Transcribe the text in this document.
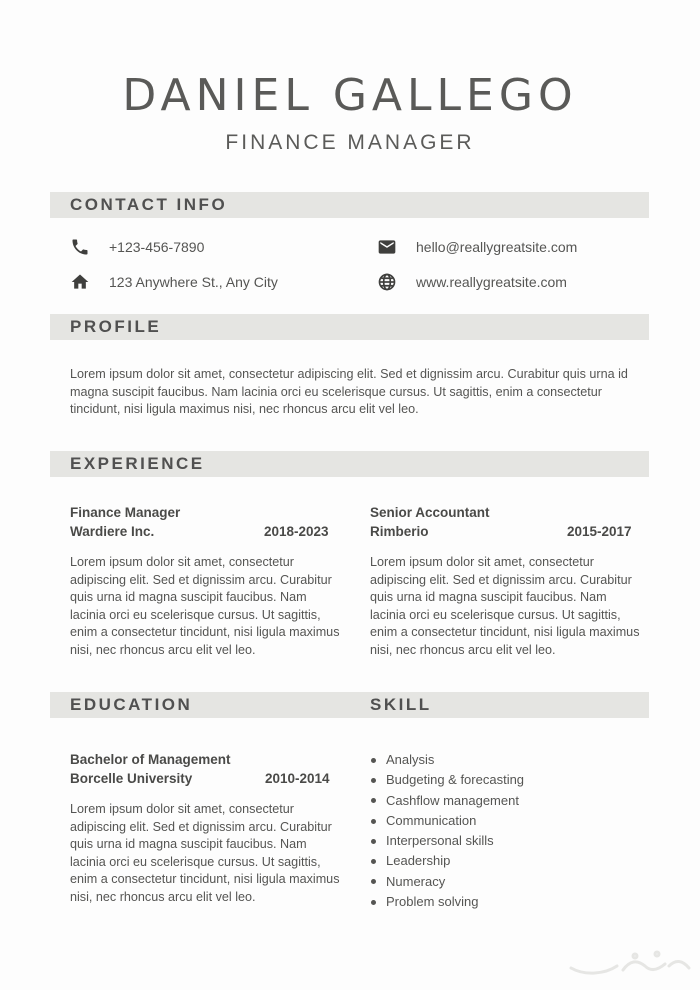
DANIEL GALLEGO
FINANCE MANAGER
CONTACT INFO
+123-456-7890
123 Anywhere St., Any City
hello@reallygreatsite.com
www.reallygreatsite.com
PROFILE

Lorem ipsum dolor sit amet, consectetur adipiscing elit. Sed et dignissim arcu. Curabitur quis urna id magna suscipit faucibus. Nam lacinia orci eu scelerisque cursus. Ut sagittis, enim a consectetur tincidunt, nisi ligula maximus nisi, nec rhoncus arcu elit vel leo.

EXPERIENCE
Finance Manager
Wardiere Inc.	2018-2023

Lorem ipsum dolor sit amet, consectetur adipiscing elit. Sed et dignissim arcu. Curabitur quis urna id magna suscipit faucibus. Nam lacinia orci eu scelerisque cursus. Ut sagittis, enim a consectetur tincidunt, nisi ligula maximus nisi, nec rhoncus arcu elit vel leo.

Senior Accountant
Rimberio	2015-2017

Lorem ipsum dolor sit amet, consectetur adipiscing elit. Sed et dignissim arcu. Curabitur quis urna id magna suscipit faucibus. Nam lacinia orci eu scelerisque cursus. Ut sagittis, enim a consectetur tincidunt, nisi ligula maximus nisi, nec rhoncus arcu elit vel leo.

EDUCATION	SKILL
Bachelor of Management
Borcelle University	2010-2014

Lorem ipsum dolor sit amet, consectetur adipiscing elit. Sed et dignissim arcu. Curabitur quis urna id magna suscipit faucibus. Nam lacinia orci eu scelerisque cursus. Ut sagittis, enim a consectetur tincidunt, nisi ligula maximus nisi, nec rhoncus arcu elit vel leo.

Analysis
Budgeting & forecasting
Cashflow management
Communication
Interpersonal skills
Leadership
Numeracy
Problem solving
